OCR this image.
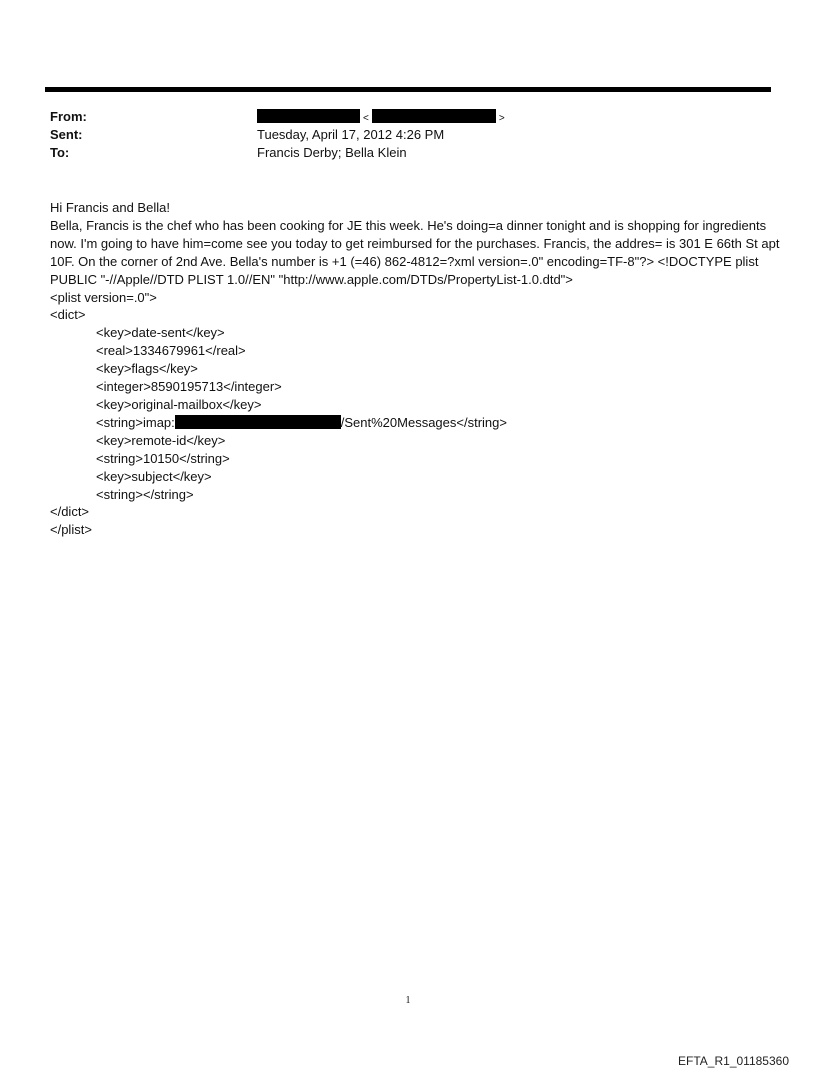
From:	<	>
Sent:	Tuesday, April 17, 2012 4:26 PM
To:	Francis Derby; Bella Klein

Hi Francis and Bella!

Bella, Francis is the chef who has been cooking for JE this week. He's doing=a dinner tonight and is shopping for ingredients now. I'm going to have him=come see you today to get reimbursed for the purchases. Francis, the addres= is 301 E 66th St apt 10F. On the corner of 2nd Ave. Bella's number is +1 (=46) 862-4812=?xml version=.0" encoding=TF-8"?> <!DOCTYPE plist PUBLIC "-//Apple//DTD PLIST 1.0//EN" "http://www.apple.com/DTDs/PropertyList-1.0.dtd">

<plist version=.0">

<dict>

<key>date-sent</key>

<real>1334679961</real>

<key>flags</key>

<integer>8590195713</integer>

<key>original-mailbox</key>

<string>imap:	/Sent%20Messages</string>

<key>remote-id</key>

<string>10150</string>

<key>subject</key>

<string></string>

</dict>

</plist>

1
EFTA_R1_01185360
